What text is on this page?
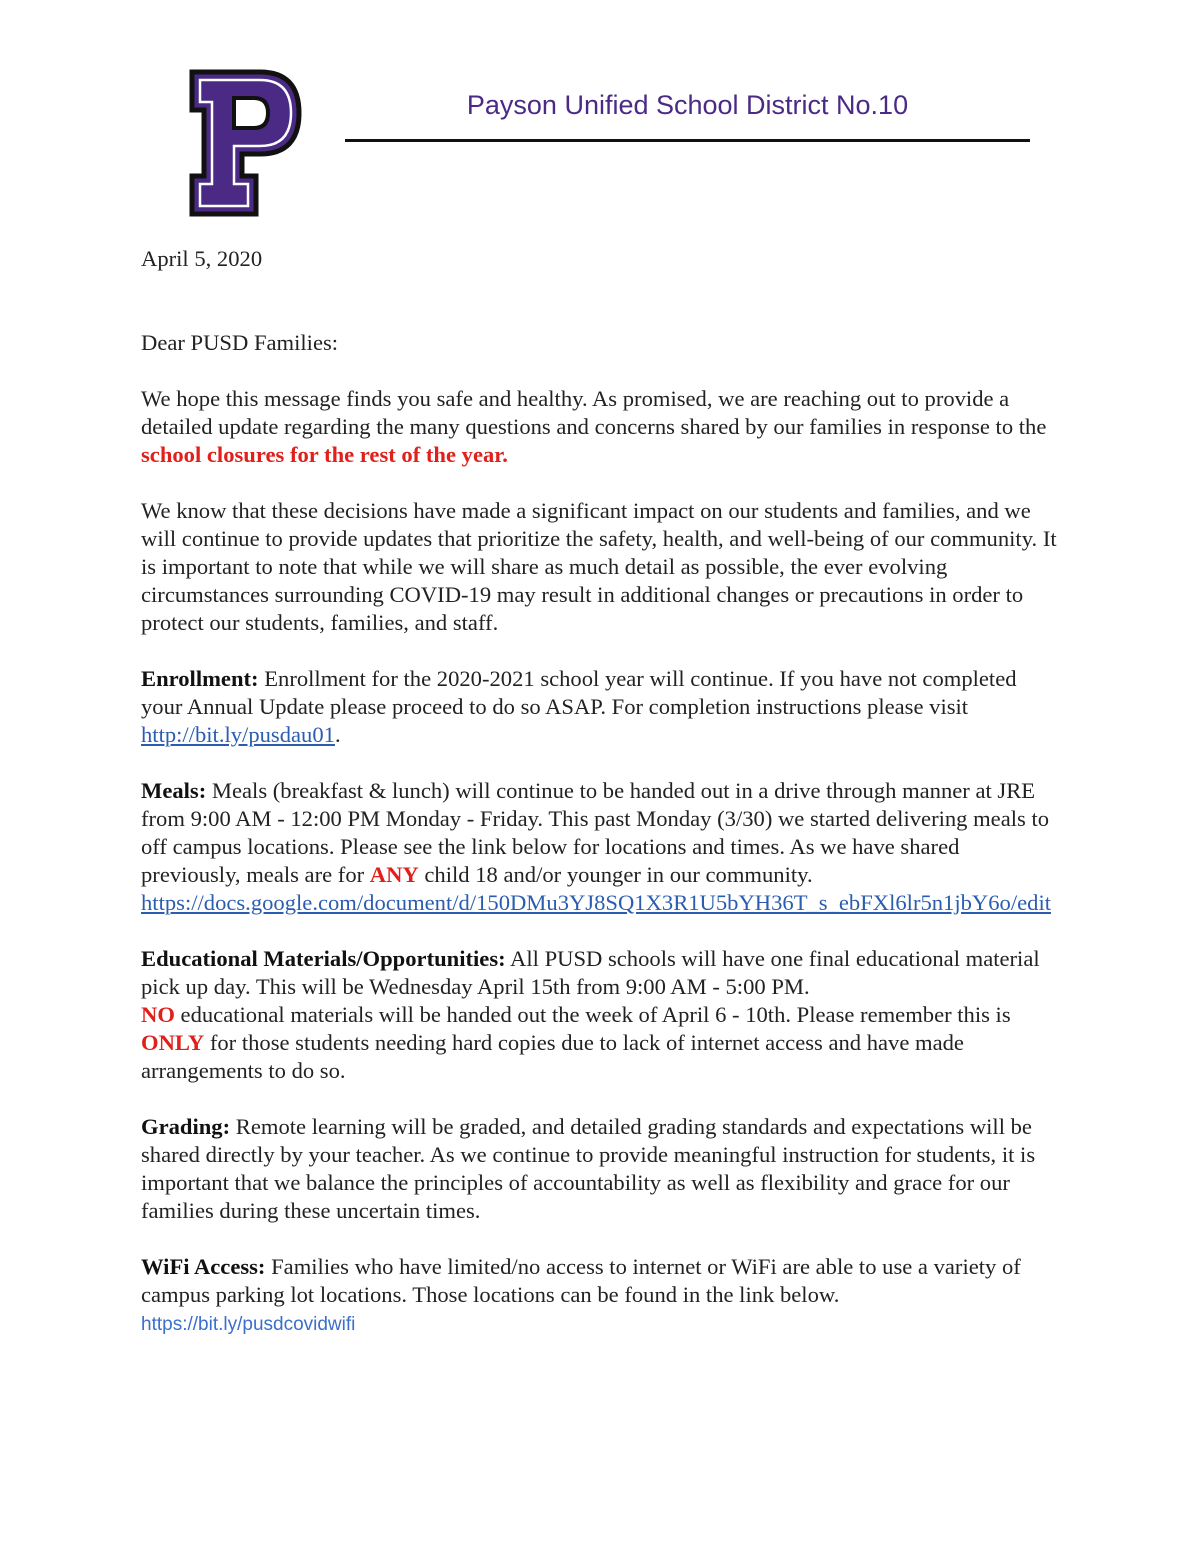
Payson Unified School District No.10

April 5, 2020

Dear PUSD Families:

We hope this message finds you safe and healthy. As promised, we are reaching out to provide a detailed update regarding the many questions and concerns shared by our families in response to the school closures for the rest of the year.

We know that these decisions have made a significant impact on our students and families, and we will continue to provide updates that prioritize the safety, health, and well-being of our community. It is important to note that while we will share as much detail as possible, the ever evolving circumstances surrounding COVID-19 may result in additional changes or precautions in order to protect our students, families, and staff.

Enrollment: Enrollment for the 2020-2021 school year will continue. If you have not completed your Annual Update please proceed to do so ASAP. For completion instructions please visit http://bit.ly/pusdau01.

Meals: Meals (breakfast & lunch) will continue to be handed out in a drive through manner at JRE from 9:00 AM - 12:00 PM Monday - Friday. This past Monday (3/30) we started delivering meals to off campus locations. Please see the link below for locations and times. As we have shared previously, meals are for ANY child 18 and/or younger in our community.
https://docs.google.com/document/d/150DMu3YJ8SQ1X3R1U5bYH36T_s_ebFXl6lr5n1jbY6o/edit

Educational Materials/Opportunities: All PUSD schools will have one final educational material pick up day. This will be Wednesday April 15th from 9:00 AM - 5:00 PM.
NO educational materials will be handed out the week of April 6 - 10th. Please remember this is ONLY for those students needing hard copies due to lack of internet access and have made arrangements to do so.

Grading: Remote learning will be graded, and detailed grading standards and expectations will be shared directly by your teacher. As we continue to provide meaningful instruction for students, it is important that we balance the principles of accountability as well as flexibility and grace for our families during these uncertain times.

WiFi Access: Families who have limited/no access to internet or WiFi are able to use a variety of campus parking lot locations. Those locations can be found in the link below.
https://bit.ly/pusdcovidwifi
